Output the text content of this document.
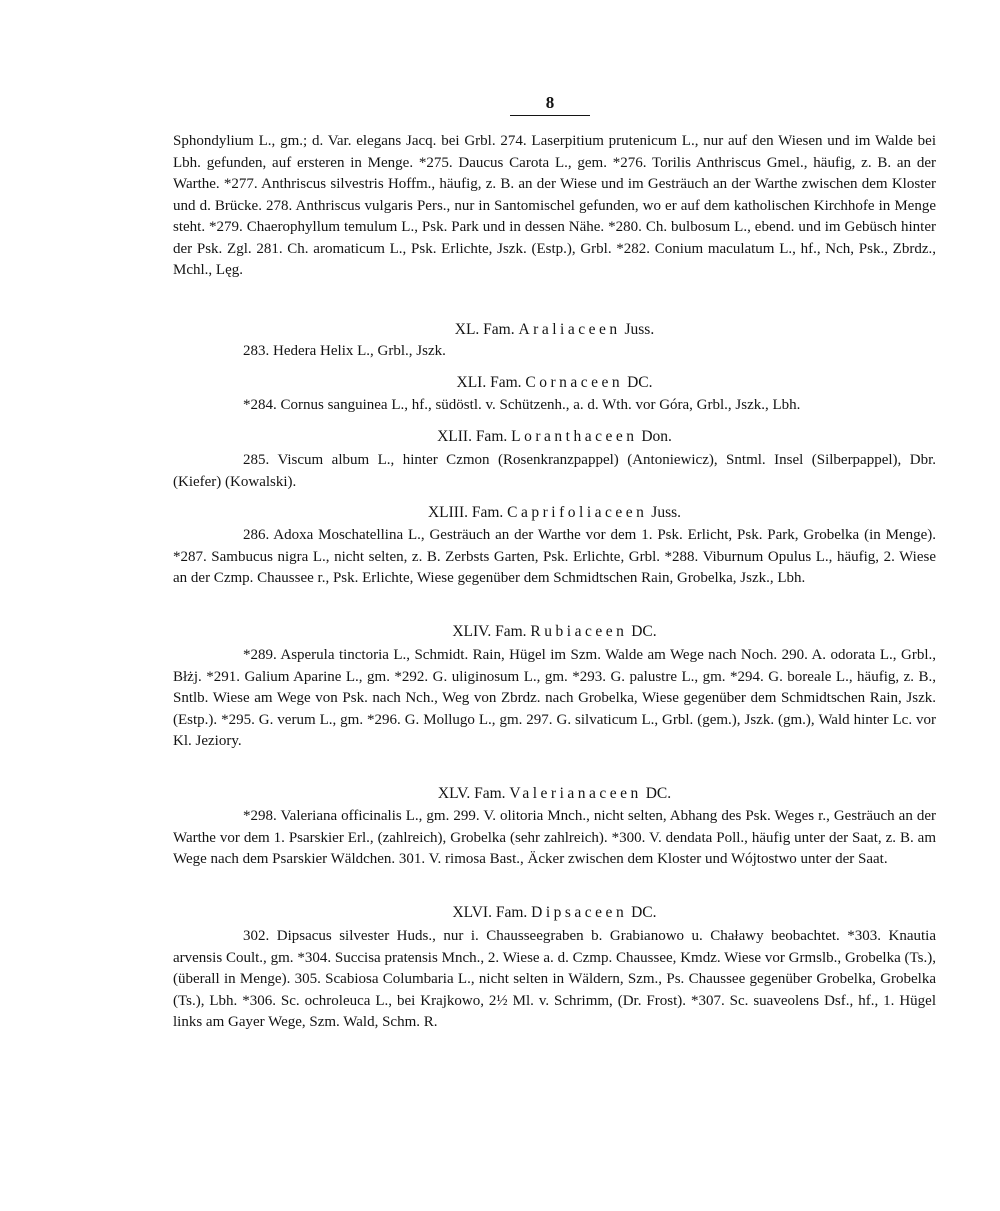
8
Sphondylium L., gm.; d. Var. elegans Jacq. bei Grbl. 274. Laserpitium prutenicum L., nur auf den Wiesen und im Walde bei Lbh. gefunden, auf ersteren in Menge. *275. Daucus Carota L., gem. *276. Torilis Anthriscus Gmel., häufig, z. B. an der Warthe. *277. Anthriscus silvestris Hoffm., häufig, z. B. an der Wiese und im Gesträuch an der Warthe zwischen dem Kloster und d. Brücke. 278. Anthriscus vulgaris Pers., nur in Santomischel gefunden, wo er auf dem katholischen Kirchhofe in Menge steht. *279. Chaerophyllum temulum L., Psk. Park und in dessen Nähe. *280. Ch. bulbosum L., ebend. und im Gebüsch hinter der Psk. Zgl. 281. Ch. aromaticum L., Psk. Erlichte, Jszk. (Estp.), Grbl. *282. Conium maculatum L., hf., Nch, Psk., Zbrdz., Mchl., Lęg.
XL. Fam. Araliaceen Juss.
283. Hedera Helix L., Grbl., Jszk.
XLI. Fam. Cornaceen DC.
*284. Cornus sanguinea L., hf., südöstl. v. Schützenh., a. d. Wth. vor Góra, Grbl., Jszk., Lbh.
XLII. Fam. Loranthaceen Don.
285. Viscum album L., hinter Czmon (Rosenkranzpappel) (Antoniewicz), Sntml. Insel (Silberpappel), Dbr. (Kiefer) (Kowalski).
XLIII. Fam. Caprifoliaceen Juss.
286. Adoxa Moschatellina L., Gesträuch an der Warthe vor dem 1. Psk. Erlicht, Psk. Park, Grobelka (in Menge). *287. Sambucus nigra L., nicht selten, z. B. Zerbsts Garten, Psk. Erlichte, Grbl. *288. Viburnum Opulus L., häufig, 2. Wiese an der Czmp. Chaussee r., Psk. Erlichte, Wiese gegenüber dem Schmidtschen Rain, Grobelka, Jszk., Lbh.
XLIV. Fam. Rubiaceen DC.
*289. Asperula tinctoria L., Schmidt. Rain, Hügel im Szm. Walde am Wege nach Noch. 290. A. odorata L., Grbl., Błżj. *291. Galium Aparine L., gm. *292. G. uliginosum L., gm. *293. G. palustre L., gm. *294. G. boreale L., häufig, z. B., Sntlb. Wiese am Wege von Psk. nach Nch., Weg von Zbrdz. nach Grobelka, Wiese gegenüber dem Schmidtschen Rain, Jszk. (Estp.). *295. G. verum L., gm. *296. G. Mollugo L., gm. 297. G. silvaticum L., Grbl. (gem.), Jszk. (gm.), Wald hinter Lc. vor Kl. Jeziory.
XLV. Fam. Valerianaceen DC.
*298. Valeriana officinalis L., gm. 299. V. olitoria Mnch., nicht selten, Abhang des Psk. Weges r., Gesträuch an der Warthe vor dem 1. Psarskier Erl., (zahlreich), Grobelka (sehr zahlreich). *300. V. dendata Poll., häufig unter der Saat, z. B. am Wege nach dem Psarskier Wäldchen. 301. V. rimosa Bast., Äcker zwischen dem Kloster und Wójtostwo unter der Saat.
XLVI. Fam. Dipsaceen DC.
302. Dipsacus silvester Huds., nur i. Chausseegraben b. Grabianowo u. Chaławy beobachtet. *303. Knautia arvensis Coult., gm. *304. Succisa pratensis Mnch., 2. Wiese a. d. Czmp. Chaussee, Kmdz. Wiese vor Grmslb., Grobelka (Ts.), (überall in Menge). 305. Scabiosa Columbaria L., nicht selten in Wäldern, Szm., Ps. Chaussee gegenüber Grobelka, Grobelka (Ts.), Lbh. *306. Sc. ochroleuca L., bei Krajkowo, 2½ Ml. v. Schrimm, (Dr. Frost). *307. Sc. suaveolens Dsf., hf., 1. Hügel links am Gayer Wege, Szm. Wald, Schm. R.
